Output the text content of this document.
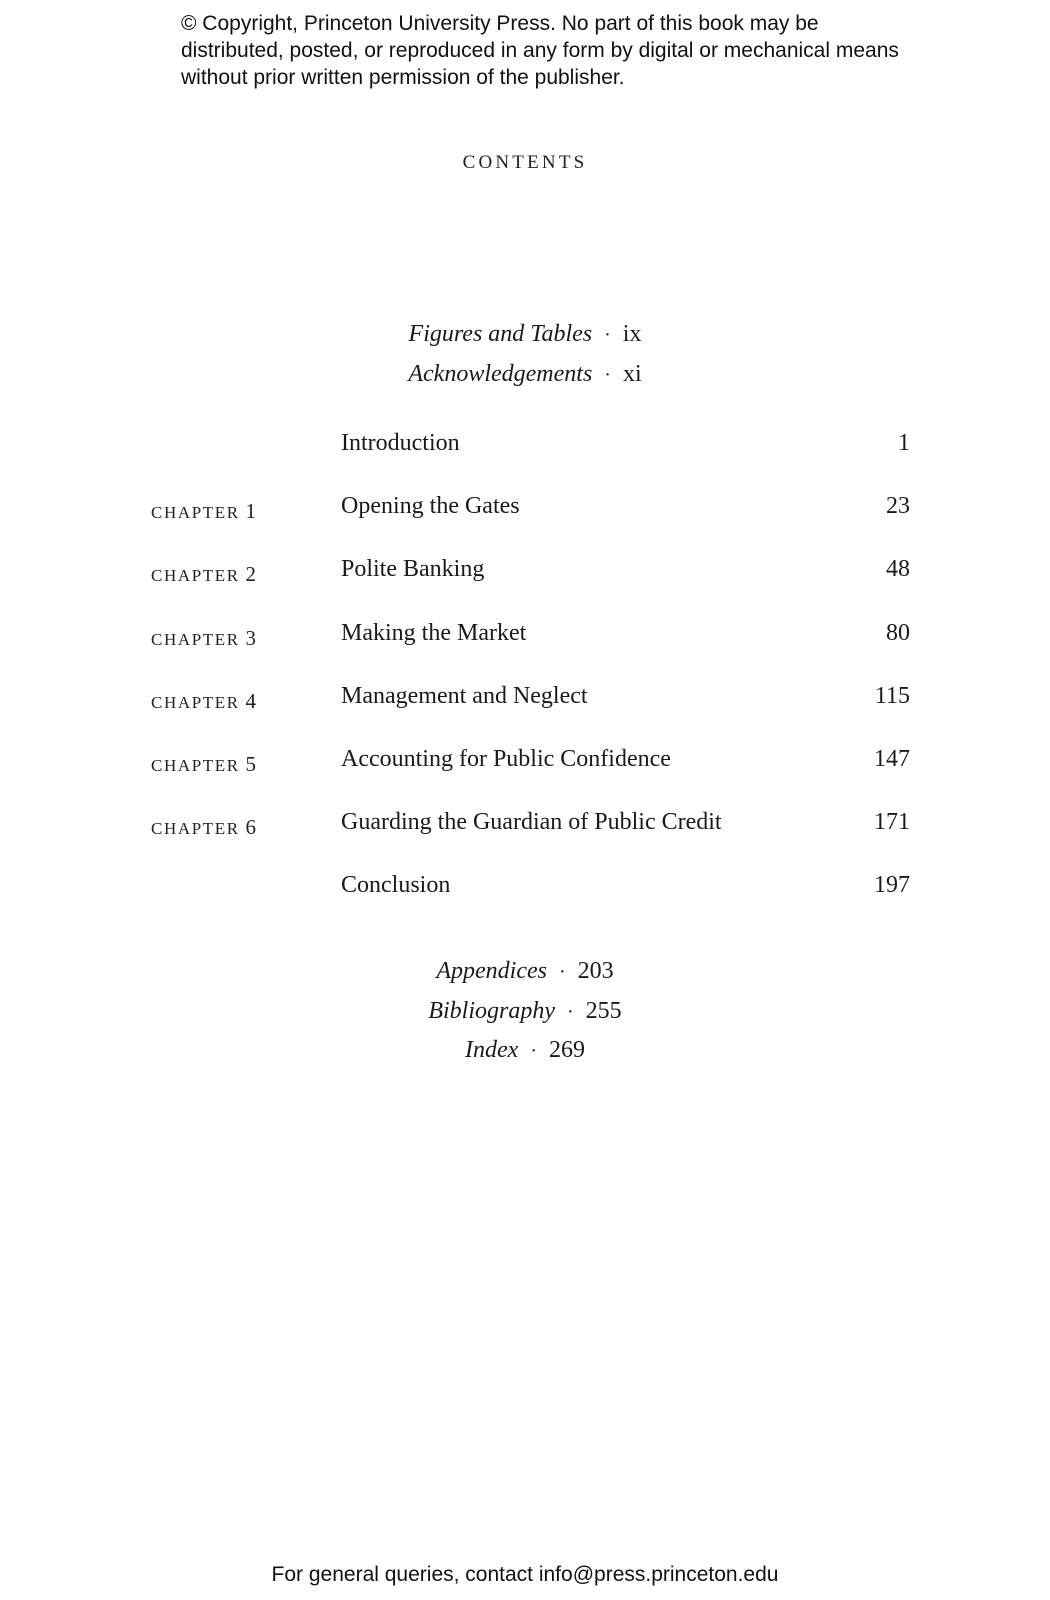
© Copyright, Princeton University Press. No part of this book may be distributed, posted, or reproduced in any form by digital or mechanical means without prior written permission of the publisher.
CONTENTS
Figures and Tables · ix
Acknowledgements · xi
Introduction	1
CHAPTER 1	Opening the Gates	23
CHAPTER 2	Polite Banking	48
CHAPTER 3	Making the Market	80
CHAPTER 4	Management and Neglect	115
CHAPTER 5	Accounting for Public Confidence	147
CHAPTER 6	Guarding the Guardian of Public Credit	171
Conclusion	197
Appendices · 203
Bibliography · 255
Index · 269
For general queries, contact info@press.princeton.edu
